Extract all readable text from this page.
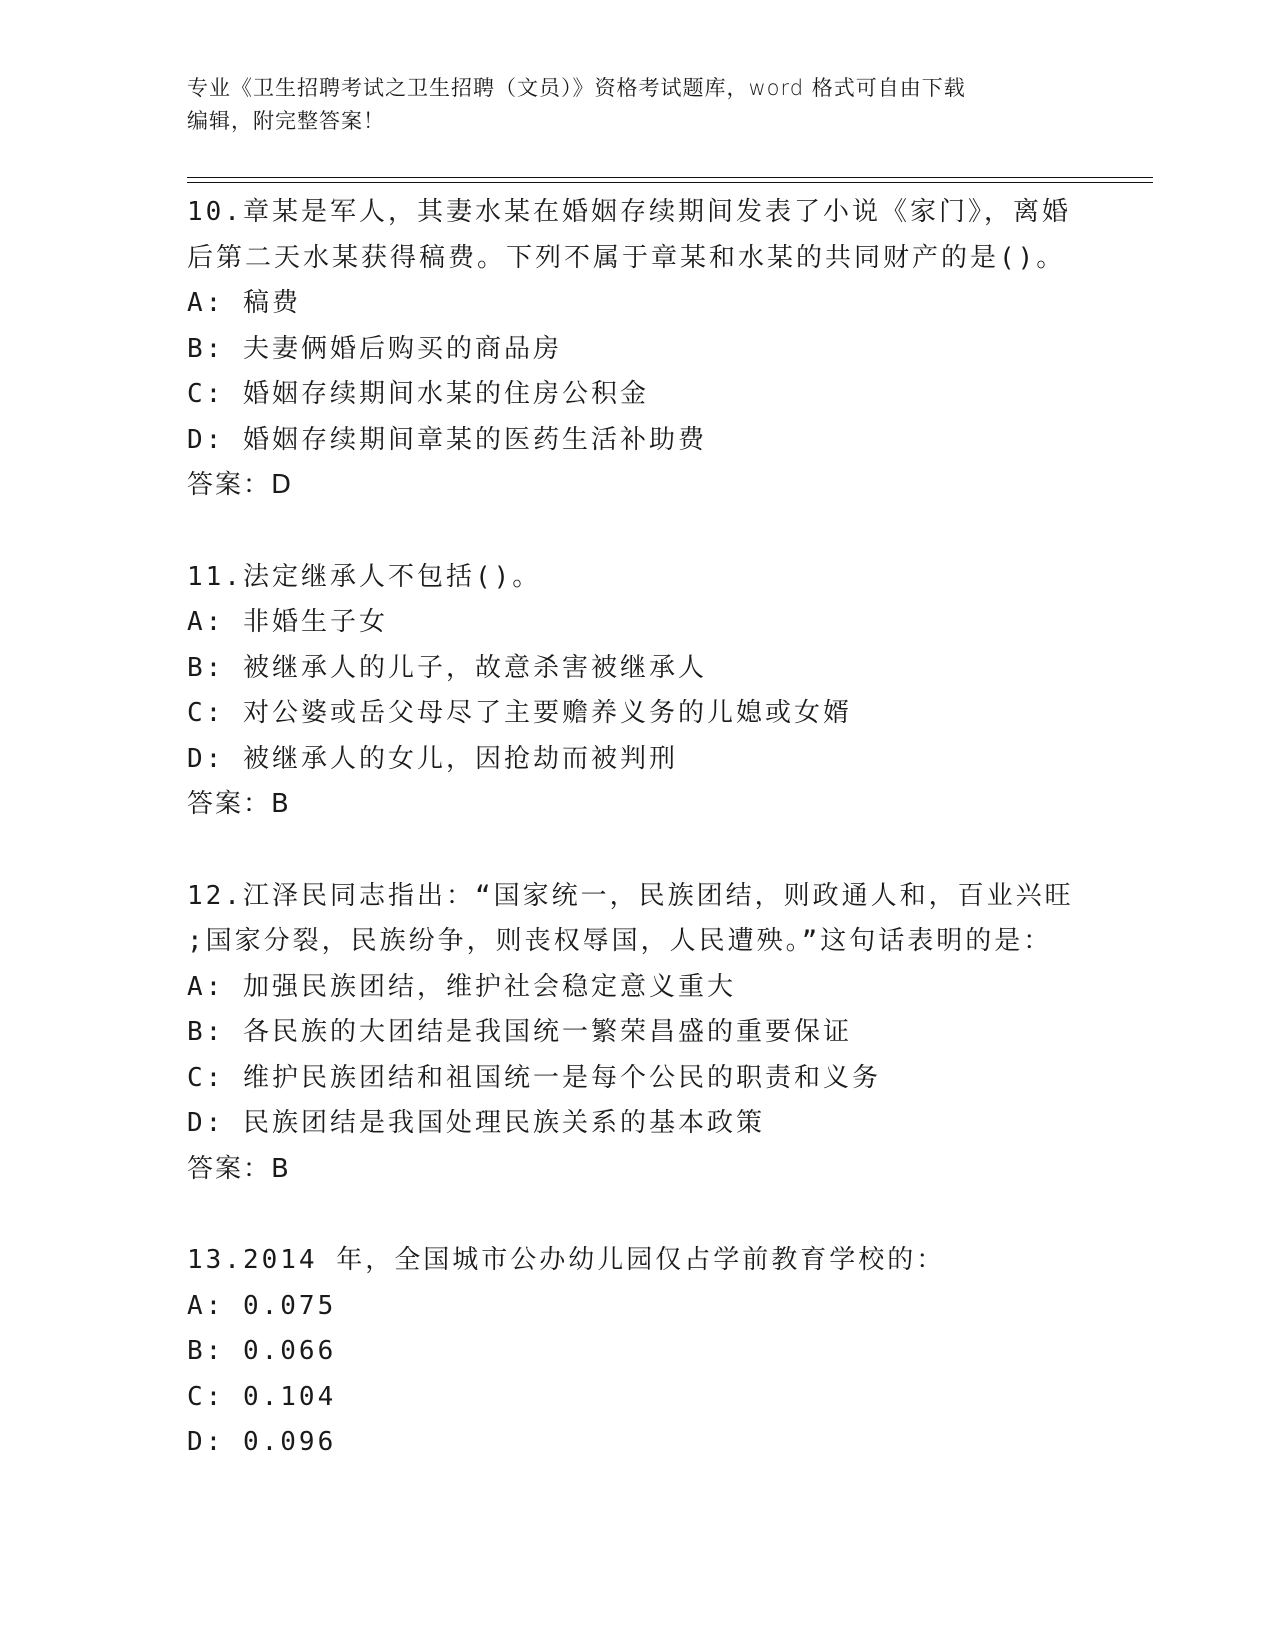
专业《卫生招聘考试之卫生招聘（文员）》资格考试题库，word 格式可自由下载
编辑，附完整答案！
10.章某是军人，其妻水某在婚姻存续期间发表了小说《家门》，离婚
后第二天水某获得稿费。下列不属于章某和水某的共同财产的是()。
A: 稿费
B: 夫妻俩婚后购买的商品房
C: 婚姻存续期间水某的住房公积金
D: 婚姻存续期间章某的医药生活补助费
答案：D
11.法定继承人不包括()。
A: 非婚生子女
B: 被继承人的儿子，故意杀害被继承人
C: 对公婆或岳父母尽了主要赡养义务的儿媳或女婿
D: 被继承人的女儿，因抢劫而被判刑
答案：B
12.江泽民同志指出：“国家统一，民族团结，则政通人和，百业兴旺
;国家分裂，民族纷争，则丧权辱国，人民遭殃。”这句话表明的是：
A: 加强民族团结，维护社会稳定意义重大
B: 各民族的大团结是我国统一繁荣昌盛的重要保证
C: 维护民族团结和祖国统一是每个公民的职责和义务
D: 民族团结是我国处理民族关系的基本政策
答案：B
13.2014 年，全国城市公办幼儿园仅占学前教育学校的：
A: 0.075
B: 0.066
C: 0.104
D: 0.096
